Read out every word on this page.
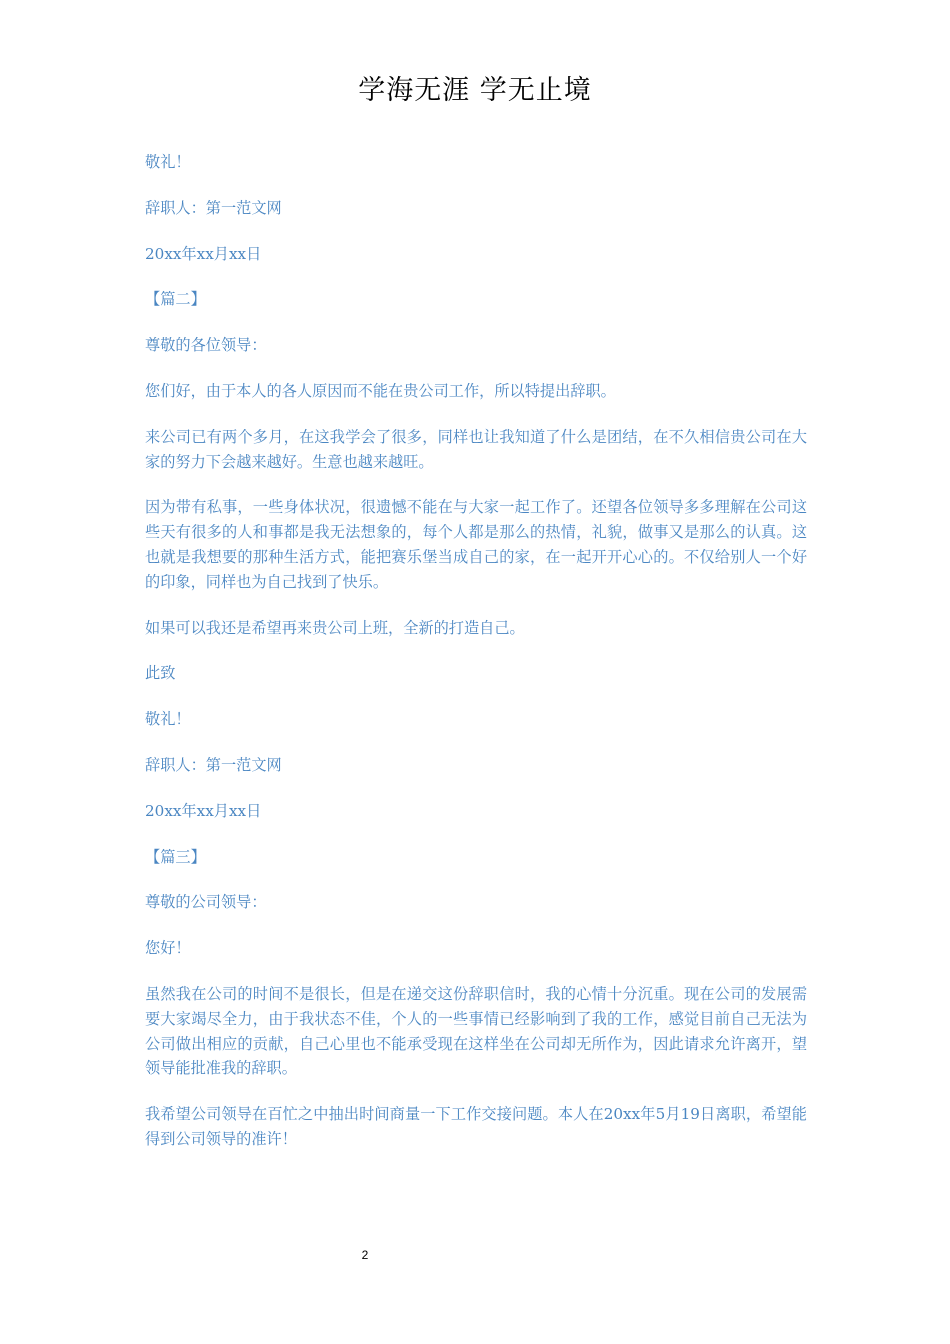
学海无涯 学无止境

敬礼！

辞职人：第一范文网

20xx年xx月xx日

【篇二】

尊敬的各位领导：

您们好，由于本人的各人原因而不能在贵公司工作，所以特提出辞职。

来公司已有两个多月，在这我学会了很多，同样也让我知道了什么是团结，在不久相信贵公司在大家的努力下会越来越好。生意也越来越旺。

因为带有私事，一些身体状况，很遗憾不能在与大家一起工作了。还望各位领导多多理解在公司这些天有很多的人和事都是我无法想象的，每个人都是那么的热情，礼貌，做事又是那么的认真。这也就是我想要的那种生活方式，能把赛乐堡当成自己的家，在一起开开心心的。不仅给别人一个好的印象，同样也为自己找到了快乐。

如果可以我还是希望再来贵公司上班，全新的打造自己。

此致

敬礼！

辞职人：第一范文网

20xx年xx月xx日

【篇三】

尊敬的公司领导：

您好！

虽然我在公司的时间不是很长，但是在递交这份辞职信时，我的心情十分沉重。现在公司的发展需要大家竭尽全力，由于我状态不佳，个人的一些事情已经影响到了我的工作，感觉目前自己无法为公司做出相应的贡献，自己心里也不能承受现在这样坐在公司却无所作为，因此请求允许离开，望领导能批准我的辞职。

我希望公司领导在百忙之中抽出时间商量一下工作交接问题。本人在20xx年5月19日离职，希望能得到公司领导的准许！

2
